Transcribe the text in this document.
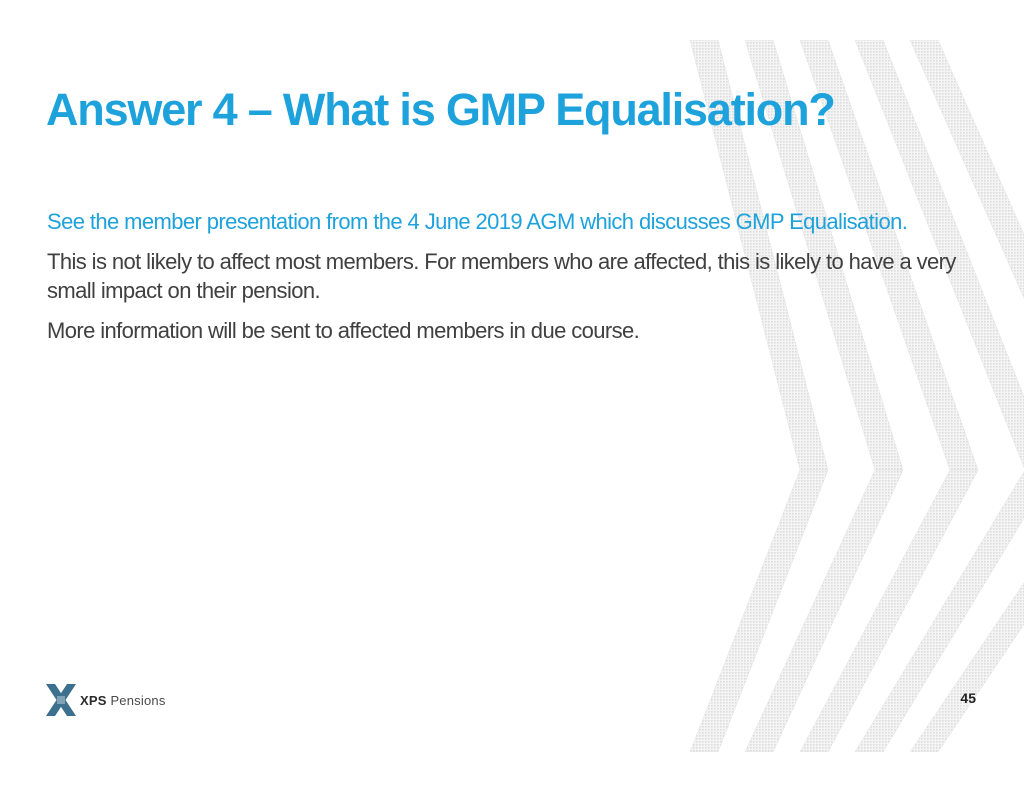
Answer 4 – What is GMP Equalisation?

See the member presentation from the 4 June 2019 AGM which discusses GMP Equalisation.

This is not likely to affect most members. For members who are affected, this is likely to have a very small impact on their pension.

More information will be sent to affected members in due course.

XPS Pensions	45
